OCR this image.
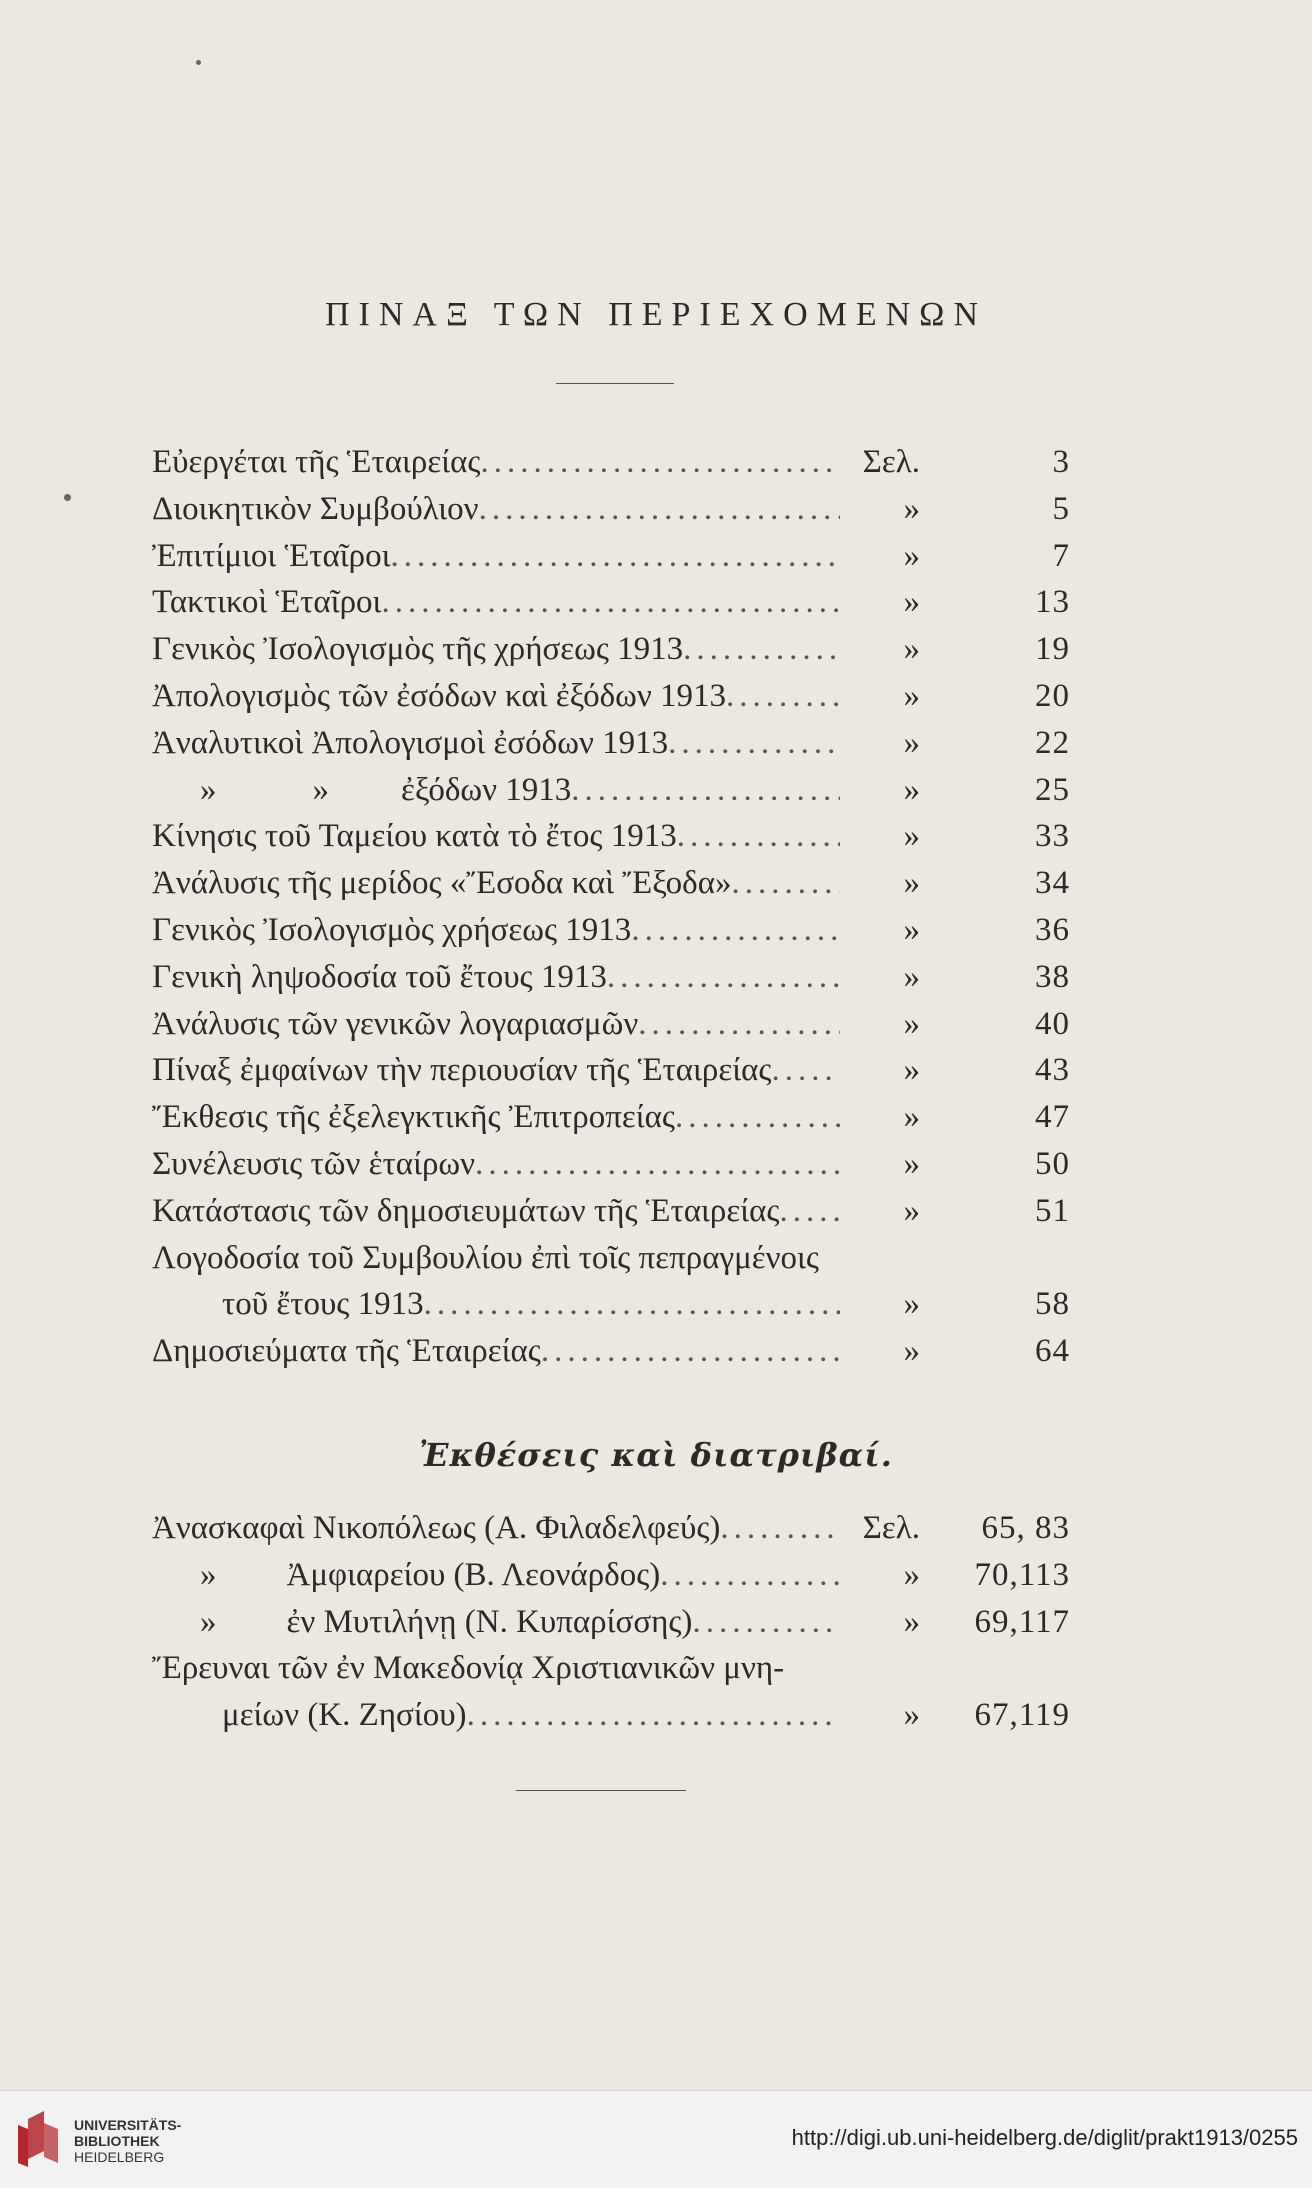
ΠΙΝΑΞ ΤΩΝ ΠΕΡΙΕΧΟΜΕΝΩΝ
Εὐεργέται τῆς Ἑταιρείας .....	Σελ.	3
Διοικητικὸν Συμβούλιον .....	»	5
Ἐπιτίμιοι Ἑταῖροι .....	»	7
Τακτικοὶ Ἑταῖροι .....	»	13
Γενικὸς Ἰσολογισμὸς τῆς χρήσεως 1913 .....	»	19
Ἀπολογισμὸς τῶν ἐσόδων καὶ ἐξόδων 1913 .....	»	20
Ἀναλυτικοὶ Ἀπολογισμοὶ ἐσόδων 1913 .....	»	22
»	» ἐξόδων 1913 .....	»	25
Κίνησις τοῦ Ταμείου κατὰ τὸ ἔτος 1913 .....	»	33
Ἀνάλυσις τῆς μερίδος «Ἔσοδα καὶ Ἔξοδα» .....	»	34
Γενικὸς Ἰσολογισμὸς χρήσεως 1913 .....	»	36
Γενικὴ ληψοδοσία τοῦ ἔτους 1913 .....	»	38
Ἀνάλυσις τῶν γενικῶν λογαριασμῶν .....	»	40
Πίναξ ἐμφαίνων τὴν περιουσίαν τῆς Ἑταιρείας .....	»	43
Ἔκθεσις τῆς ἐξελεγκτικῆς Ἐπιτροπείας .....	»	47
Συνέλευσις τῶν ἑταίρων .....	»	50
Κατάστασις τῶν δημοσιευμάτων τῆς Ἑταιρείας .....	»	51
Λογοδοσία τοῦ Συμβουλίου ἐπὶ τοῖς πεπραγμένοις
τοῦ ἔτους 1913 .....	»	58
Δημοσιεύματα τῆς Ἑταιρείας .....	»	64
Ἐκθέσεις καὶ διατριβαί.
Ἀνασκαφαὶ Νικοπόλεως (Α. Φιλαδελφεύς) .....	Σελ.	65, 83
» Ἀμφιαρείου (Β. Λεονάρδος) .....	»	70,113
» ἐν Μυτιλήνῃ (Ν. Κυπαρίσσης) .....	»	69,117
Ἔρευναι τῶν ἐν Μακεδονίᾳ Χριστιανικῶν μνη-
μείων (Κ. Ζησίου) .....	»	67,119
UNIVERSITÄTS-
BIBLIOTHEK
HEIDELBERG
http://digi.ub.uni-heidelberg.de/diglit/prakt1913/0255
